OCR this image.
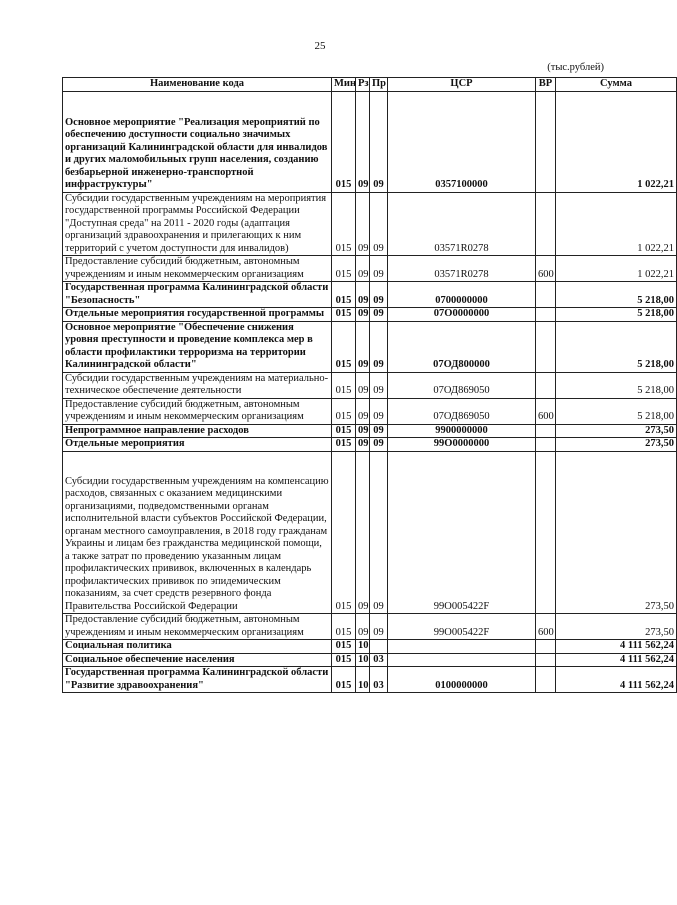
25
(тыс.рублей)
Наименование кода	Мин	Рз	Пр	ЦСР	ВР	Сумма

Основное мероприятие "Реализация мероприятий по обеспечению доступности социально значимых организаций Калининградской области для инвалидов и других маломобильных групп населения, созданию безбарьерной инженерно-транспортной инфраструктуры"	015	09	09	0357100000		1 022,21
Субсидии государственным учреждениям на мероприятия государственной программы Российской Федерации "Доступная среда" на 2011 - 2020 годы (адаптация организаций здравоохранения и прилегающих к ним территорий с учетом доступности для инвалидов)	015	09	09	03571R0278		1 022,21
Предоставление субсидий бюджетным, автономным учреждениям и иным некоммерческим организациям	015	09	09	03571R0278	600	1 022,21
Государственная программа Калининградской области "Безопасность"	015	09	09	0700000000		5 218,00
Отдельные мероприятия государственной программы	015	09	09	07О0000000		5 218,00
Основное мероприятие "Обеспечение снижения уровня преступности и проведение комплекса мер в области профилактики терроризма на территории Калининградской области"	015	09	09	07ОД800000		5 218,00
Субсидии государственным учреждениям на материально-техническое обеспечение деятельности	015	09	09	07ОД869050		5 218,00
Предоставление субсидий бюджетным, автономным учреждениям и иным некоммерческим организациям	015	09	09	07ОД869050	600	5 218,00
Непрограммное направление расходов	015	09	09	9900000000		273,50
Отдельные мероприятия	015	09	09	99О0000000		273,50

Субсидии государственным учреждениям на компенсацию расходов, связанных с оказанием медицинскими организациями, подведомственными органам исполнительной власти субъектов Российской Федерации, органам местного самоуправления, в 2018 году гражданам Украины и лицам без гражданства медицинской помощи, а также затрат по проведению указанным лицам профилактических прививок, включенных в календарь профилактических прививок по эпидемическим показаниям, за счет средств резервного фонда Правительства Российской Федерации	015	09	09	99О005422F		273,50
Предоставление субсидий бюджетным, автономным учреждениям и иным некоммерческим организациям	015	09	09	99О005422F	600	273,50
Социальная политика	015	10				4 111 562,24
Социальное обеспечение населения	015	10	03			4 111 562,24
Государственная программа Калининградской области "Развитие здравоохранения"	015	10	03	0100000000		4 111 562,24
